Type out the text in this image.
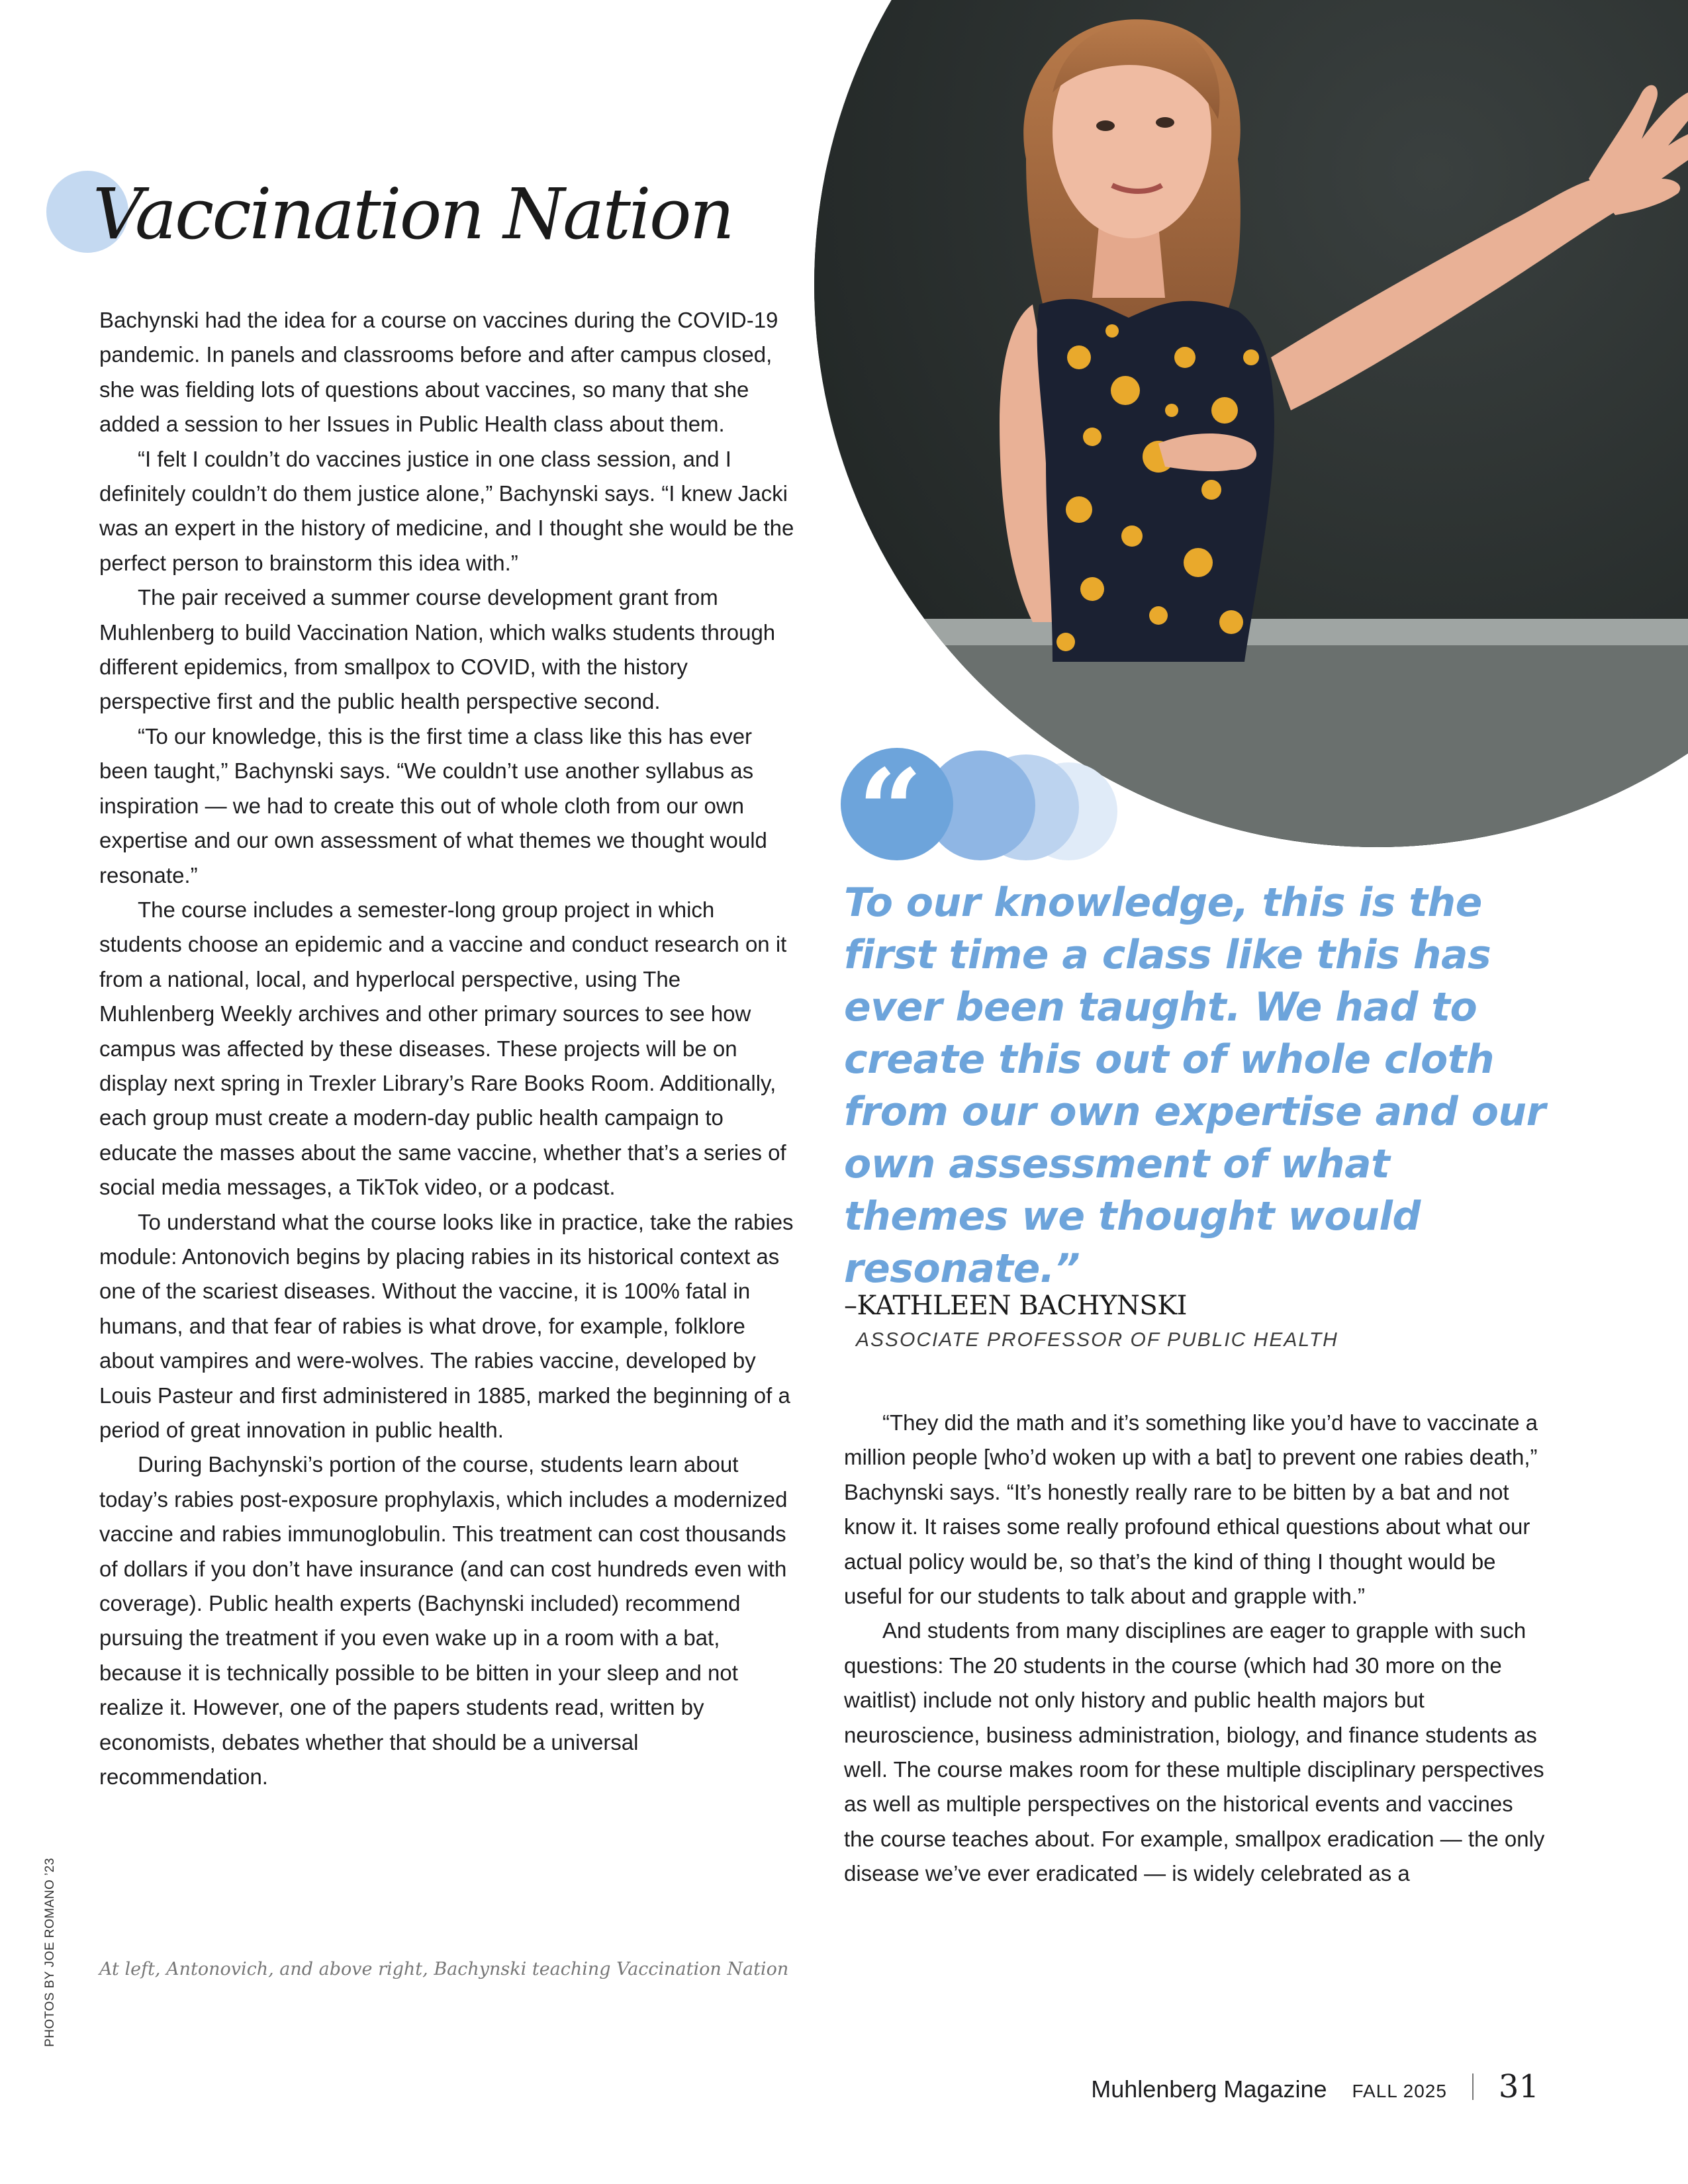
Vaccination Nation

Bachynski had the idea for a course on vaccines during the COVID-19 pandemic. In panels and classrooms before and after campus closed, she was fielding lots of questions about vaccines, so many that she added a session to her Issues in Public Health class about them.

“I felt I couldn’t do vaccines justice in one class session, and I definitely couldn’t do them justice alone,” Bachynski says. “I knew Jacki was an expert in the history of medicine, and I thought she would be the perfect person to brainstorm this idea with.”

The pair received a summer course development grant from Muhlenberg to build Vaccination Nation, which walks students through different epidemics, from smallpox to COVID, with the history perspective first and the public health perspective second.

“To our knowledge, this is the first time a class like this has ever been taught,” Bachynski says. “We couldn’t use another syllabus as inspiration — we had to create this out of whole cloth from our own expertise and our own assessment of what themes we thought would resonate.”

The course includes a semester-long group project in which students choose an epidemic and a vaccine and conduct research on it from a national, local, and hyperlocal perspective, using The Muhlenberg Weekly archives and other primary sources to see how campus was affected by these diseases. These projects will be on display next spring in Trexler Library’s Rare Books Room. Additionally, each group must create a modern-day public health campaign to educate the masses about the same vaccine, whether that’s a series of social media messages, a TikTok video, or a podcast.

To understand what the course looks like in practice, take the rabies module: Antonovich begins by placing rabies in its historical context as one of the scariest diseases. Without the vaccine, it is 100% fatal in humans, and that fear of rabies is what drove, for example, folklore about vampires and were-wolves. The rabies vaccine, developed by Louis Pasteur and first administered in 1885, marked the beginning of a period of great innovation in public health.

During Bachynski’s portion of the course, students learn about today’s rabies post-exposure prophylaxis, which includes a modernized vaccine and rabies immunoglobulin. This treatment can cost thousands of dollars if you don’t have insurance (and can cost hundreds even with coverage). Public health experts (Bachynski included) recommend pursuing the treatment if you even wake up in a room with a bat, because it is technically possible to be bitten in your sleep and not realize it. However, one of the papers students read, written by economists, debates whether that should be a universal recommendation.

At left, Antonovich, and above right, Bachynski teaching Vaccination Nation
PHOTOS BY JOE ROMANO ’23
“

To our knowledge, this is the first time a class like this has ever been taught. We had to create this out of whole cloth from our own expertise and our own assessment of what themes we thought would resonate.”

–KATHLEEN BACHYNSKI
ASSOCIATE PROFESSOR OF PUBLIC HEALTH

“They did the math and it’s something like you’d have to vaccinate a million people [who’d woken up with a bat] to prevent one rabies death,” Bachynski says. “It’s honestly really rare to be bitten by a bat and not know it. It raises some really profound ethical questions about what our actual policy would be, so that’s the kind of thing I thought would be useful for our students to talk about and grapple with.”

And students from many disciplines are eager to grapple with such questions: The 20 students in the course (which had 30 more on the waitlist) include not only history and public health majors but neuroscience, business administration, biology, and finance students as well. The course makes room for these multiple disciplinary perspectives as well as multiple perspectives on the historical events and vaccines the course teaches about. For example, smallpox eradication — the only disease we’ve ever eradicated — is widely celebrated as a

Muhlenberg Magazine FALL 2025 31
